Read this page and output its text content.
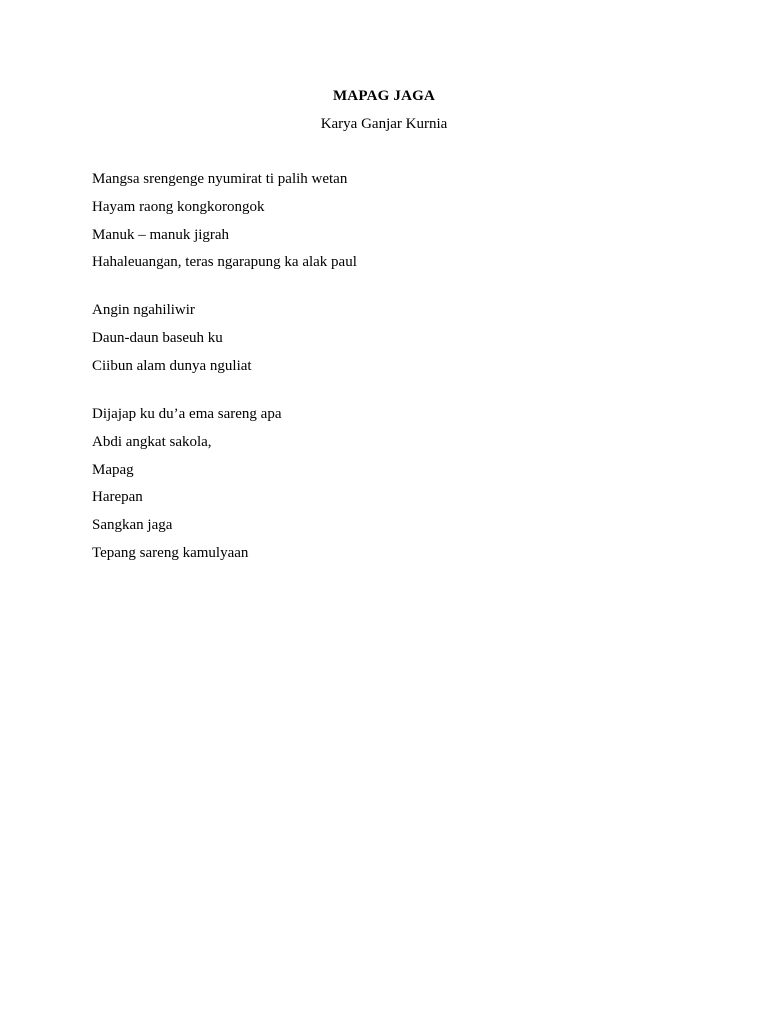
MAPAG JAGA
Karya Ganjar Kurnia
Mangsa srengenge nyumirat ti palih wetan
Hayam raong kongkorongok
Manuk – manuk jigrah
Hahaleuangan, teras ngarapung ka alak paul
Angin ngahiliwir
Daun-daun baseuh ku
Ciibun alam dunya nguliat
Dijajap ku du’a ema sareng apa
Abdi angkat sakola,
Mapag
Harepan
Sangkan jaga
Tepang sareng kamulyaan
